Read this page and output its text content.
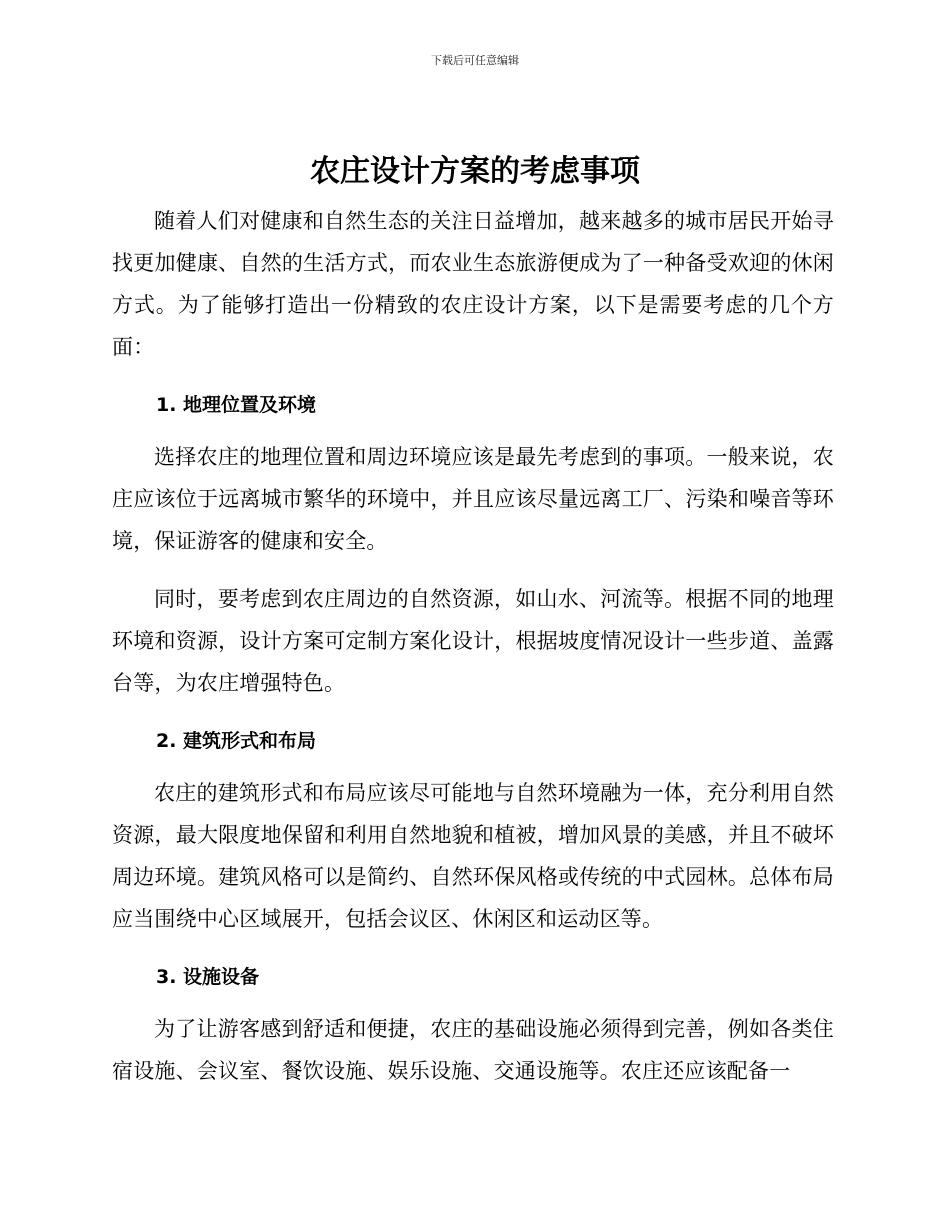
下载后可任意编辑
农庄设计方案的考虑事项

随着人们对健康和自然生态的关注日益增加，越来越多的城市居民开始寻找更加健康、自然的生活方式，而农业生态旅游便成为了一种备受欢迎的休闲方式。为了能够打造出一份精致的农庄设计方案，以下是需要考虑的几个方面：

1. 地理位置及环境

选择农庄的地理位置和周边环境应该是最先考虑到的事项。一般来说，农庄应该位于远离城市繁华的环境中，并且应该尽量远离工厂、污染和噪音等环境，保证游客的健康和安全。

同时，要考虑到农庄周边的自然资源，如山水、河流等。根据不同的地理环境和资源，设计方案可定制方案化设计，根据坡度情况设计一些步道、盖露台等，为农庄增强特色。

2. 建筑形式和布局

农庄的建筑形式和布局应该尽可能地与自然环境融为一体，充分利用自然资源，最大限度地保留和利用自然地貌和植被，增加风景的美感，并且不破坏周边环境。建筑风格可以是简约、自然环保风格或传统的中式园林。总体布局应当围绕中心区域展开，包括会议区、休闲区和运动区等。

3. 设施设备

为了让游客感到舒适和便捷，农庄的基础设施必须得到完善，例如各类住宿设施、会议室、餐饮设施、娱乐设施、交通设施等。农庄还应该配备一
